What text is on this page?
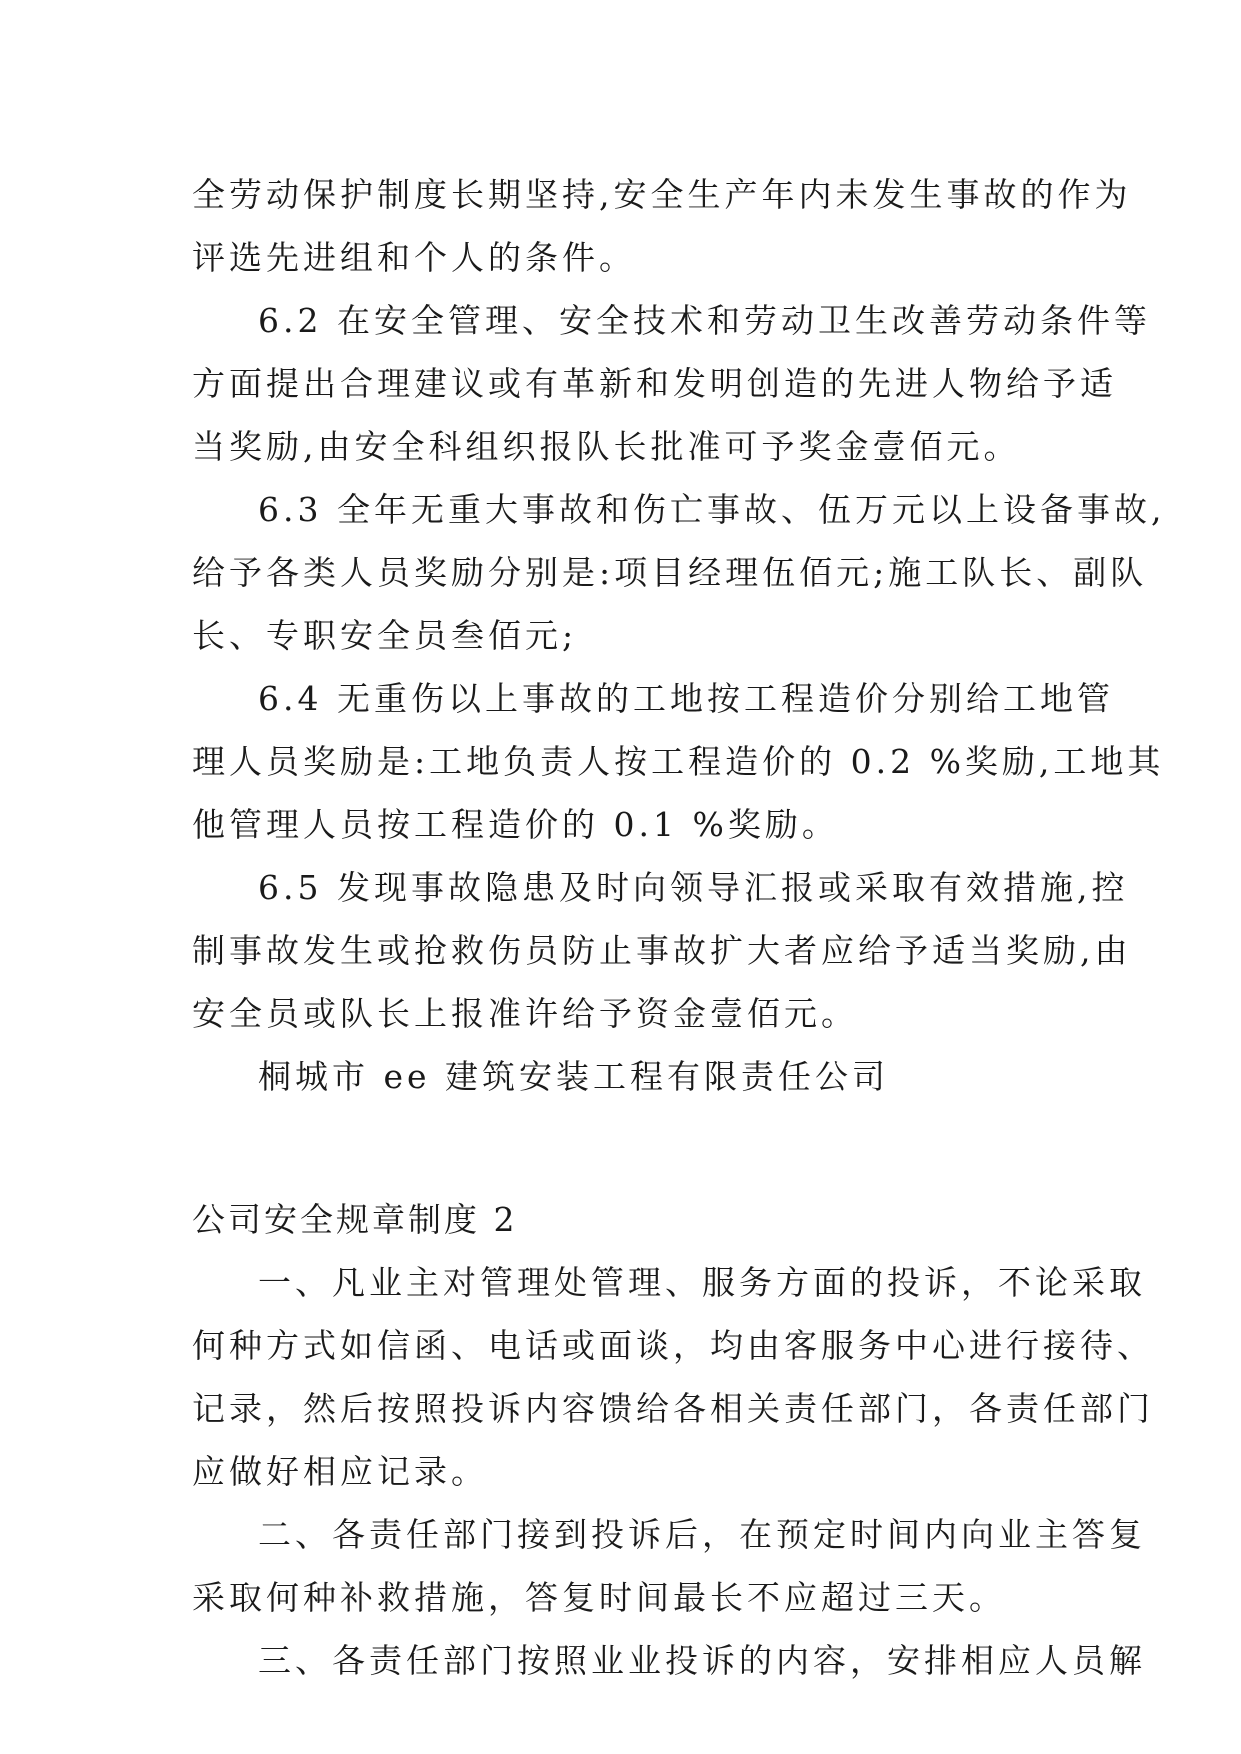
全劳动保护制度长期坚持,安全生产年内未发生事故的作为
评选先进组和个人的条件。
6.2 在安全管理、安全技术和劳动卫生改善劳动条件等
方面提出合理建议或有革新和发明创造的先进人物给予适
当奖励,由安全科组织报队长批准可予奖金壹佰元。
6.3 全年无重大事故和伤亡事故、伍万元以上设备事故,
给予各类人员奖励分别是:项目经理伍佰元;施工队长、副队
长、专职安全员叁佰元;
6.4 无重伤以上事故的工地按工程造价分别给工地管
理人员奖励是:工地负责人按工程造价的 0.2 %奖励,工地其
他管理人员按工程造价的 0.1 %奖励。
6.5 发现事故隐患及时向领导汇报或采取有效措施,控
制事故发生或抢救伤员防止事故扩大者应给予适当奖励,由
安全员或队长上报准许给予资金壹佰元。
桐城市 ee 建筑安装工程有限责任公司
公司安全规章制度 2
一、凡业主对管理处管理、服务方面的投诉，不论采取
何种方式如信函、电话或面谈，均由客服务中心进行接待、
记录，然后按照投诉内容馈给各相关责任部门，各责任部门
应做好相应记录。
二、各责任部门接到投诉后，在预定时间内向业主答复
采取何种补救措施，答复时间最长不应超过三天。
三、各责任部门按照业业投诉的内容，安排相应人员解
